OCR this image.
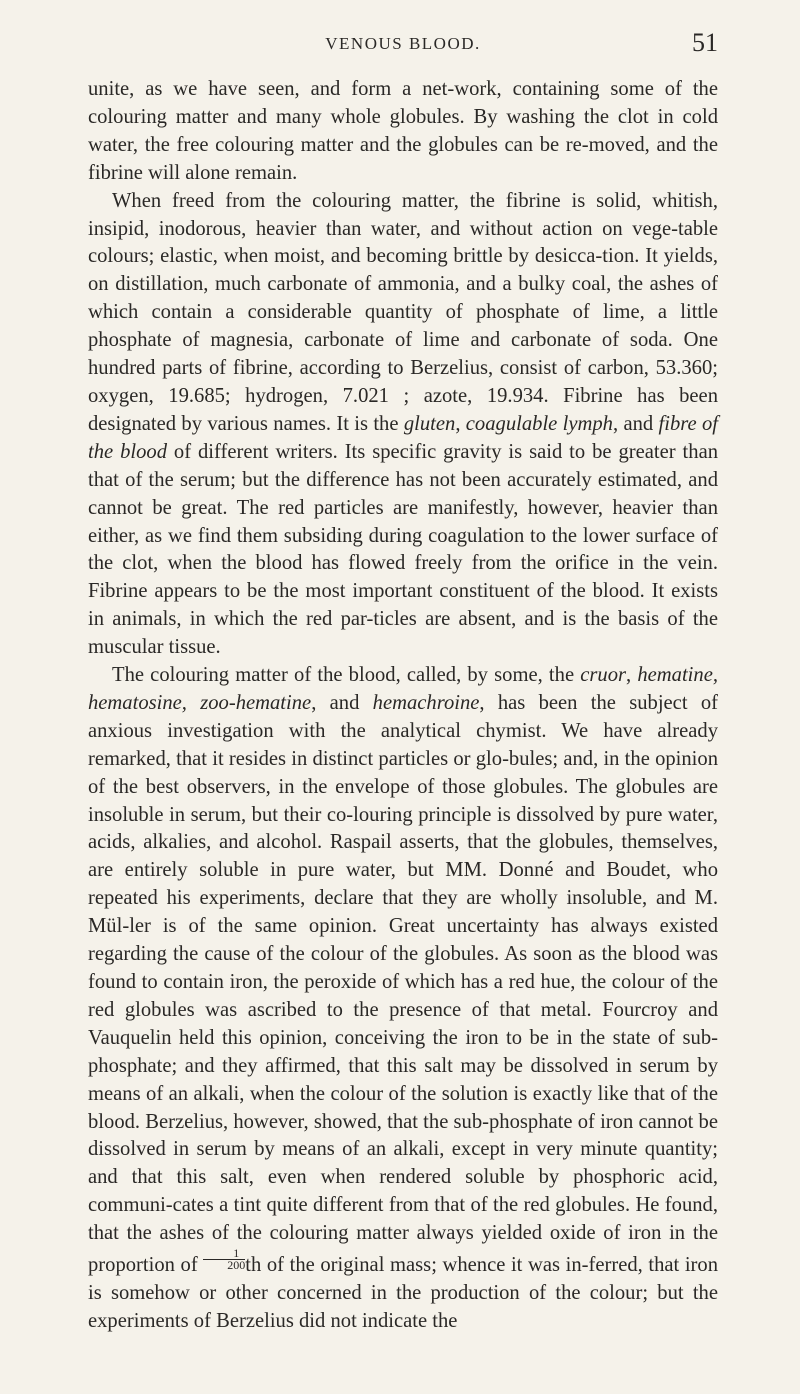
VENOUS BLOOD.	51

unite, as we have seen, and form a net-work, containing some of the colouring matter and many whole globules. By washing the clot in cold water, the free colouring matter and the globules can be re-moved, and the fibrine will alone remain.

When freed from the colouring matter, the fibrine is solid, whitish, insipid, inodorous, heavier than water, and without action on vege-table colours; elastic, when moist, and becoming brittle by desicca-tion. It yields, on distillation, much carbonate of ammonia, and a bulky coal, the ashes of which contain a considerable quantity of phosphate of lime, a little phosphate of magnesia, carbonate of lime and carbonate of soda. One hundred parts of fibrine, according to Berzelius, consist of carbon, 53.360; oxygen, 19.685; hydrogen, 7.021 ; azote, 19.934. Fibrine has been designated by various names. It is the gluten, coagulable lymph, and fibre of the blood of different writers. Its specific gravity is said to be greater than that of the serum; but the difference has not been accurately estimated, and cannot be great. The red particles are manifestly, however, heavier than either, as we find them subsiding during coagulation to the lower surface of the clot, when the blood has flowed freely from the orifice in the vein. Fibrine appears to be the most important constituent of the blood. It exists in animals, in which the red par-ticles are absent, and is the basis of the muscular tissue.

The colouring matter of the blood, called, by some, the cruor, hematine, hematosine, zoo-hematine, and hemachroine, has been the subject of anxious investigation with the analytical chymist. We have already remarked, that it resides in distinct particles or glo-bules; and, in the opinion of the best observers, in the envelope of those globules. The globules are insoluble in serum, but their co-louring principle is dissolved by pure water, acids, alkalies, and alcohol. Raspail asserts, that the globules, themselves, are entirely soluble in pure water, but MM. Donné and Boudet, who repeated his experiments, declare that they are wholly insoluble, and M. Mül-ler is of the same opinion. Great uncertainty has always existed regarding the cause of the colour of the globules. As soon as the blood was found to contain iron, the peroxide of which has a red hue, the colour of the red globules was ascribed to the presence of that metal. Fourcroy and Vauquelin held this opinion, conceiving the iron to be in the state of sub-phosphate; and they affirmed, that this salt may be dissolved in serum by means of an alkali, when the colour of the solution is exactly like that of the blood. Berzelius, however, showed, that the sub-phosphate of iron cannot be dissolved in serum by means of an alkali, except in very minute quantity; and that this salt, even when rendered soluble by phosphoric acid, communi-cates a tint quite different from that of the red globules. He found, that the ashes of the colouring matter always yielded oxide of iron in the proportion of $\frac{1}{200}$ th of the original mass; whence it was in-ferred, that iron is somehow or other concerned in the production of the colour; but the experiments of Berzelius did not indicate the
